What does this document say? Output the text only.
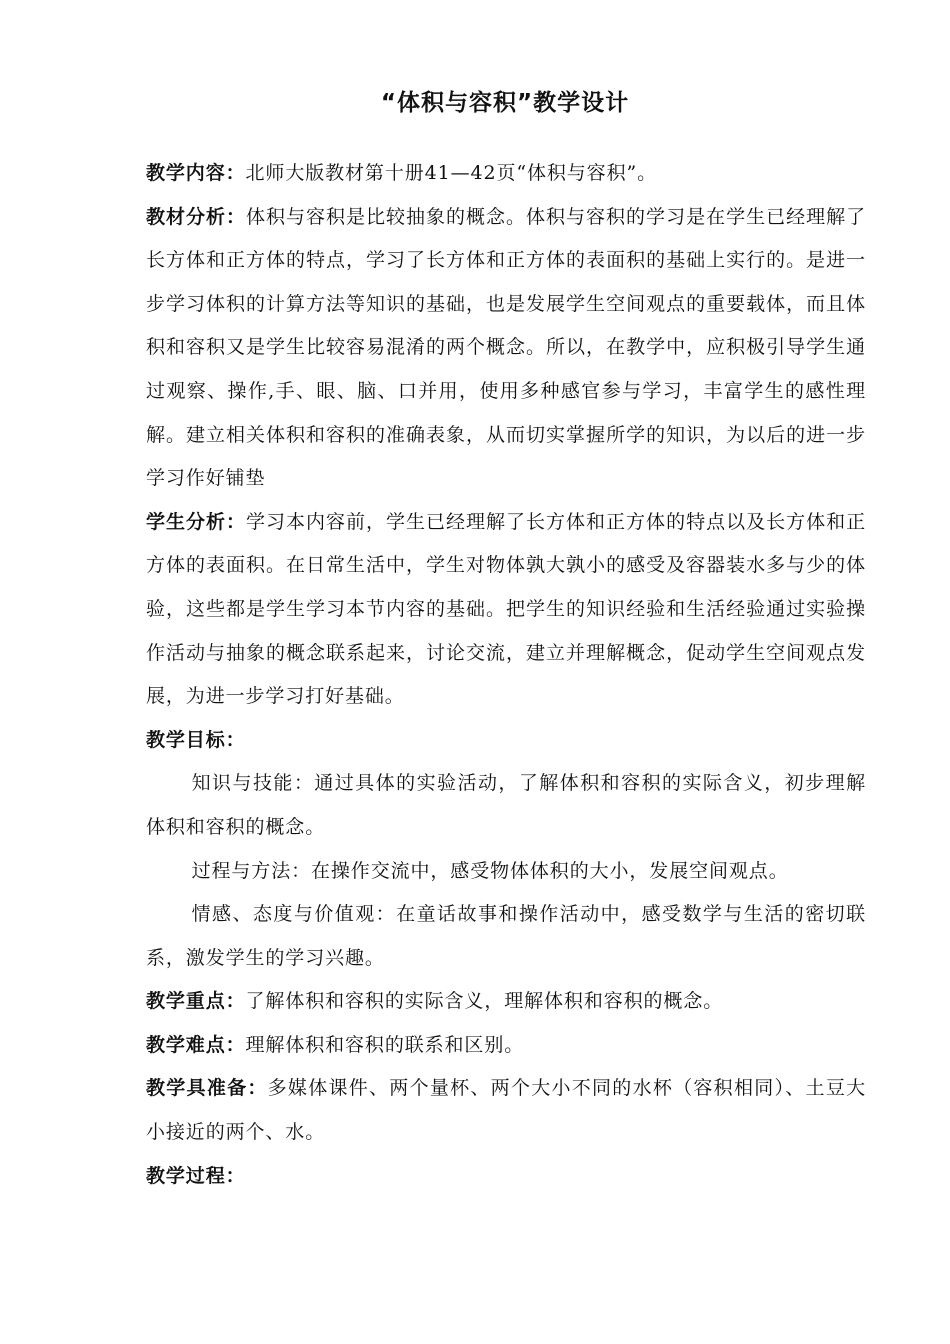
“体积与容积”教学设计

教学内容：北师大版教材第十册41—42页“体积与容积”。

教材分析：体积与容积是比较抽象的概念。体积与容积的学习是在学生已经理解了长方体和正方体的特点，学习了长方体和正方体的表面积的基础上实行的。是进一步学习体积的计算方法等知识的基础，也是发展学生空间观点的重要载体，而且体积和容积又是学生比较容易混淆的两个概念。所以，在教学中，应积极引导学生通过观察、操作,手、眼、脑、口并用，使用多种感官参与学习，丰富学生的感性理解。建立相关体积和容积的准确表象，从而切实掌握所学的知识，为以后的进一步学习作好铺垫

学生分析：学习本内容前，学生已经理解了长方体和正方体的特点以及长方体和正方体的表面积。在日常生活中，学生对物体孰大孰小的感受及容器装水多与少的体验，这些都是学生学习本节内容的基础。把学生的知识经验和生活经验通过实验操作活动与抽象的概念联系起来，讨论交流，建立并理解概念，促动学生空间观点发展，为进一步学习打好基础。

教学目标：

知识与技能：通过具体的实验活动，了解体积和容积的实际含义，初步理解体积和容积的概念。

过程与方法：在操作交流中，感受物体体积的大小，发展空间观点。

情感、态度与价值观：在童话故事和操作活动中，感受数学与生活的密切联系，激发学生的学习兴趣。

教学重点：了解体积和容积的实际含义，理解体积和容积的概念。

教学难点：理解体积和容积的联系和区别。

教学具准备：多媒体课件、两个量杯、两个大小不同的水杯（容积相同）、土豆大小接近的两个、水。

教学过程：
